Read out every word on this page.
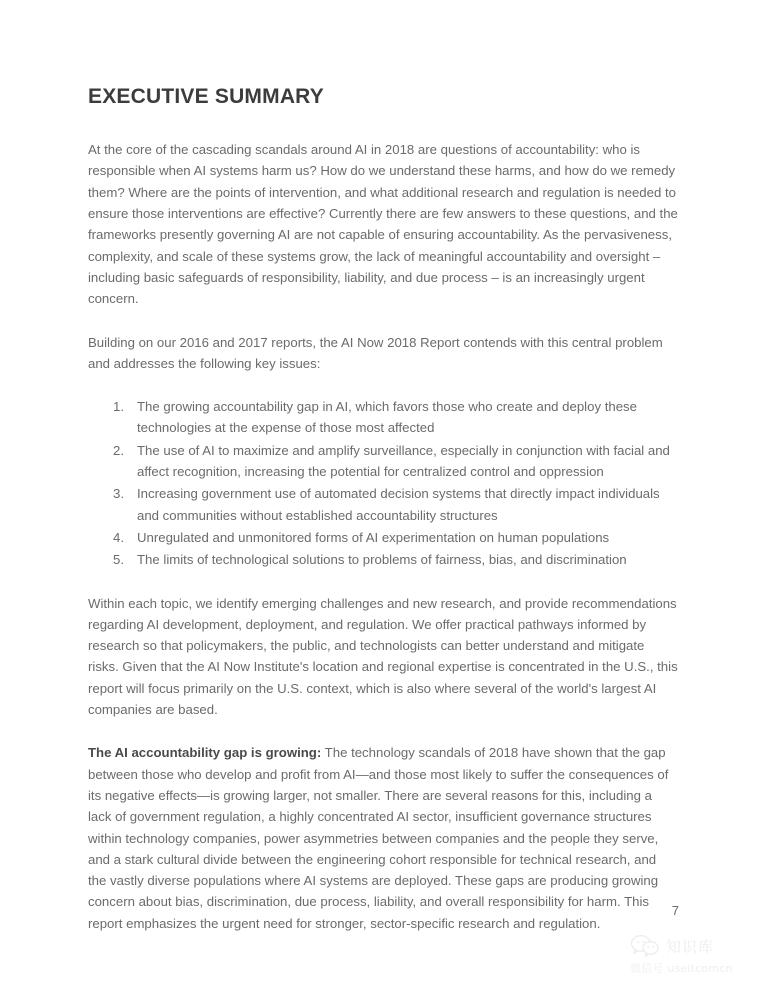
EXECUTIVE SUMMARY

At the core of the cascading scandals around AI in 2018 are questions of accountability: who is responsible when AI systems harm us? How do we understand these harms, and how do we remedy them? Where are the points of intervention, and what additional research and regulation is needed to ensure those interventions are effective? Currently there are few answers to these questions, and the frameworks presently governing AI are not capable of ensuring accountability. As the pervasiveness, complexity, and scale of these systems grow, the lack of meaningful accountability and oversight – including basic safeguards of responsibility, liability, and due process – is an increasingly urgent concern.

Building on our 2016 and 2017 reports, the AI Now 2018 Report contends with this central problem and addresses the following key issues:

The growing accountability gap in AI, which favors those who create and deploy these technologies at the expense of those most affected
The use of AI to maximize and amplify surveillance, especially in conjunction with facial and affect recognition, increasing the potential for centralized control and oppression
Increasing government use of automated decision systems that directly impact individuals and communities without established accountability structures
Unregulated and unmonitored forms of AI experimentation on human populations
The limits of technological solutions to problems of fairness, bias, and discrimination

Within each topic, we identify emerging challenges and new research, and provide recommendations regarding AI development, deployment, and regulation. We offer practical pathways informed by research so that policymakers, the public, and technologists can better understand and mitigate risks. Given that the AI Now Institute's location and regional expertise is concentrated in the U.S., this report will focus primarily on the U.S. context, which is also where several of the world's largest AI companies are based.

The AI accountability gap is growing: The technology scandals of 2018 have shown that the gap between those who develop and profit from AI—and those most likely to suffer the consequences of its negative effects—is growing larger, not smaller. There are several reasons for this, including a lack of government regulation, a highly concentrated AI sector, insufficient governance structures within technology companies, power asymmetries between companies and the people they serve, and a stark cultural divide between the engineering cohort responsible for technical research, and the vastly diverse populations where AI systems are deployed. These gaps are producing growing concern about bias, discrimination, due process, liability, and overall responsibility for harm. This report emphasizes the urgent need for stronger, sector-specific research and regulation.

7
知识库
微信号 useitcomcn
